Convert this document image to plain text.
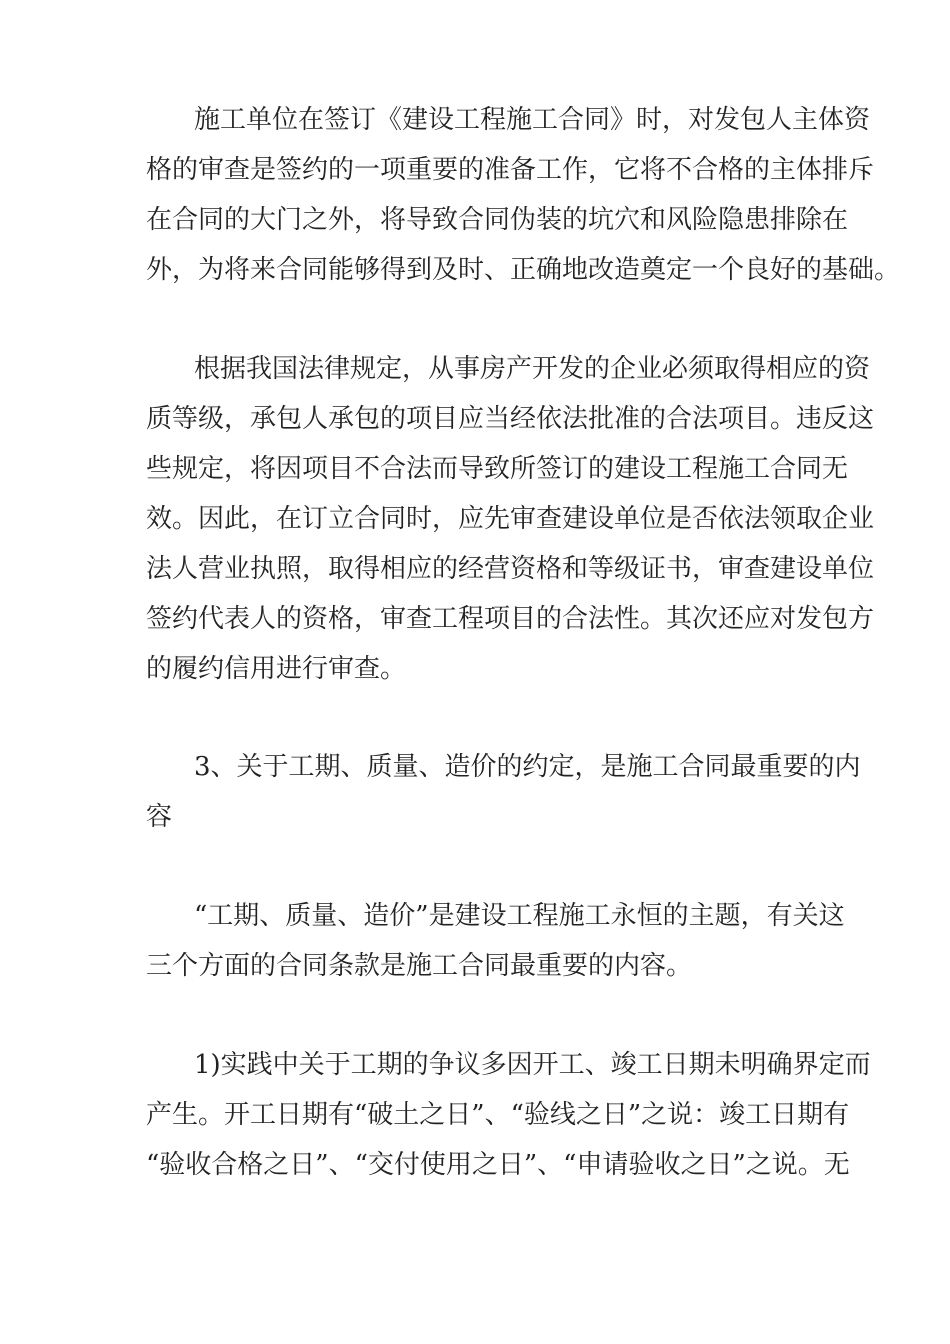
施工单位在签订《建设工程施工合同》时，对发包人主体资
格的审查是签约的一项重要的准备工作，它将不合格的主体排斥
在合同的大门之外，将导致合同伪装的坑穴和风险隐患排除在
外，为将来合同能够得到及时、正确地改造奠定一个良好的基础。
根据我国法律规定，从事房产开发的企业必须取得相应的资
质等级，承包人承包的项目应当经依法批准的合法项目。违反这
些规定，将因项目不合法而导致所签订的建设工程施工合同无
效。因此，在订立合同时，应先审查建设单位是否依法领取企业
法人营业执照，取得相应的经营资格和等级证书，审查建设单位
签约代表人的资格，审查工程项目的合法性。其次还应对发包方
的履约信用进行审查。
3、关于工期、质量、造价的约定，是施工合同最重要的内
容
“工期、质量、造价”是建设工程施工永恒的主题，有关这
三个方面的合同条款是施工合同最重要的内容。
1)实践中关于工期的争议多因开工、竣工日期未明确界定而
产生。开工日期有“破土之日”、“验线之日”之说：竣工日期有
“验收合格之日”、“交付使用之日”、“申请验收之日”之说。无
